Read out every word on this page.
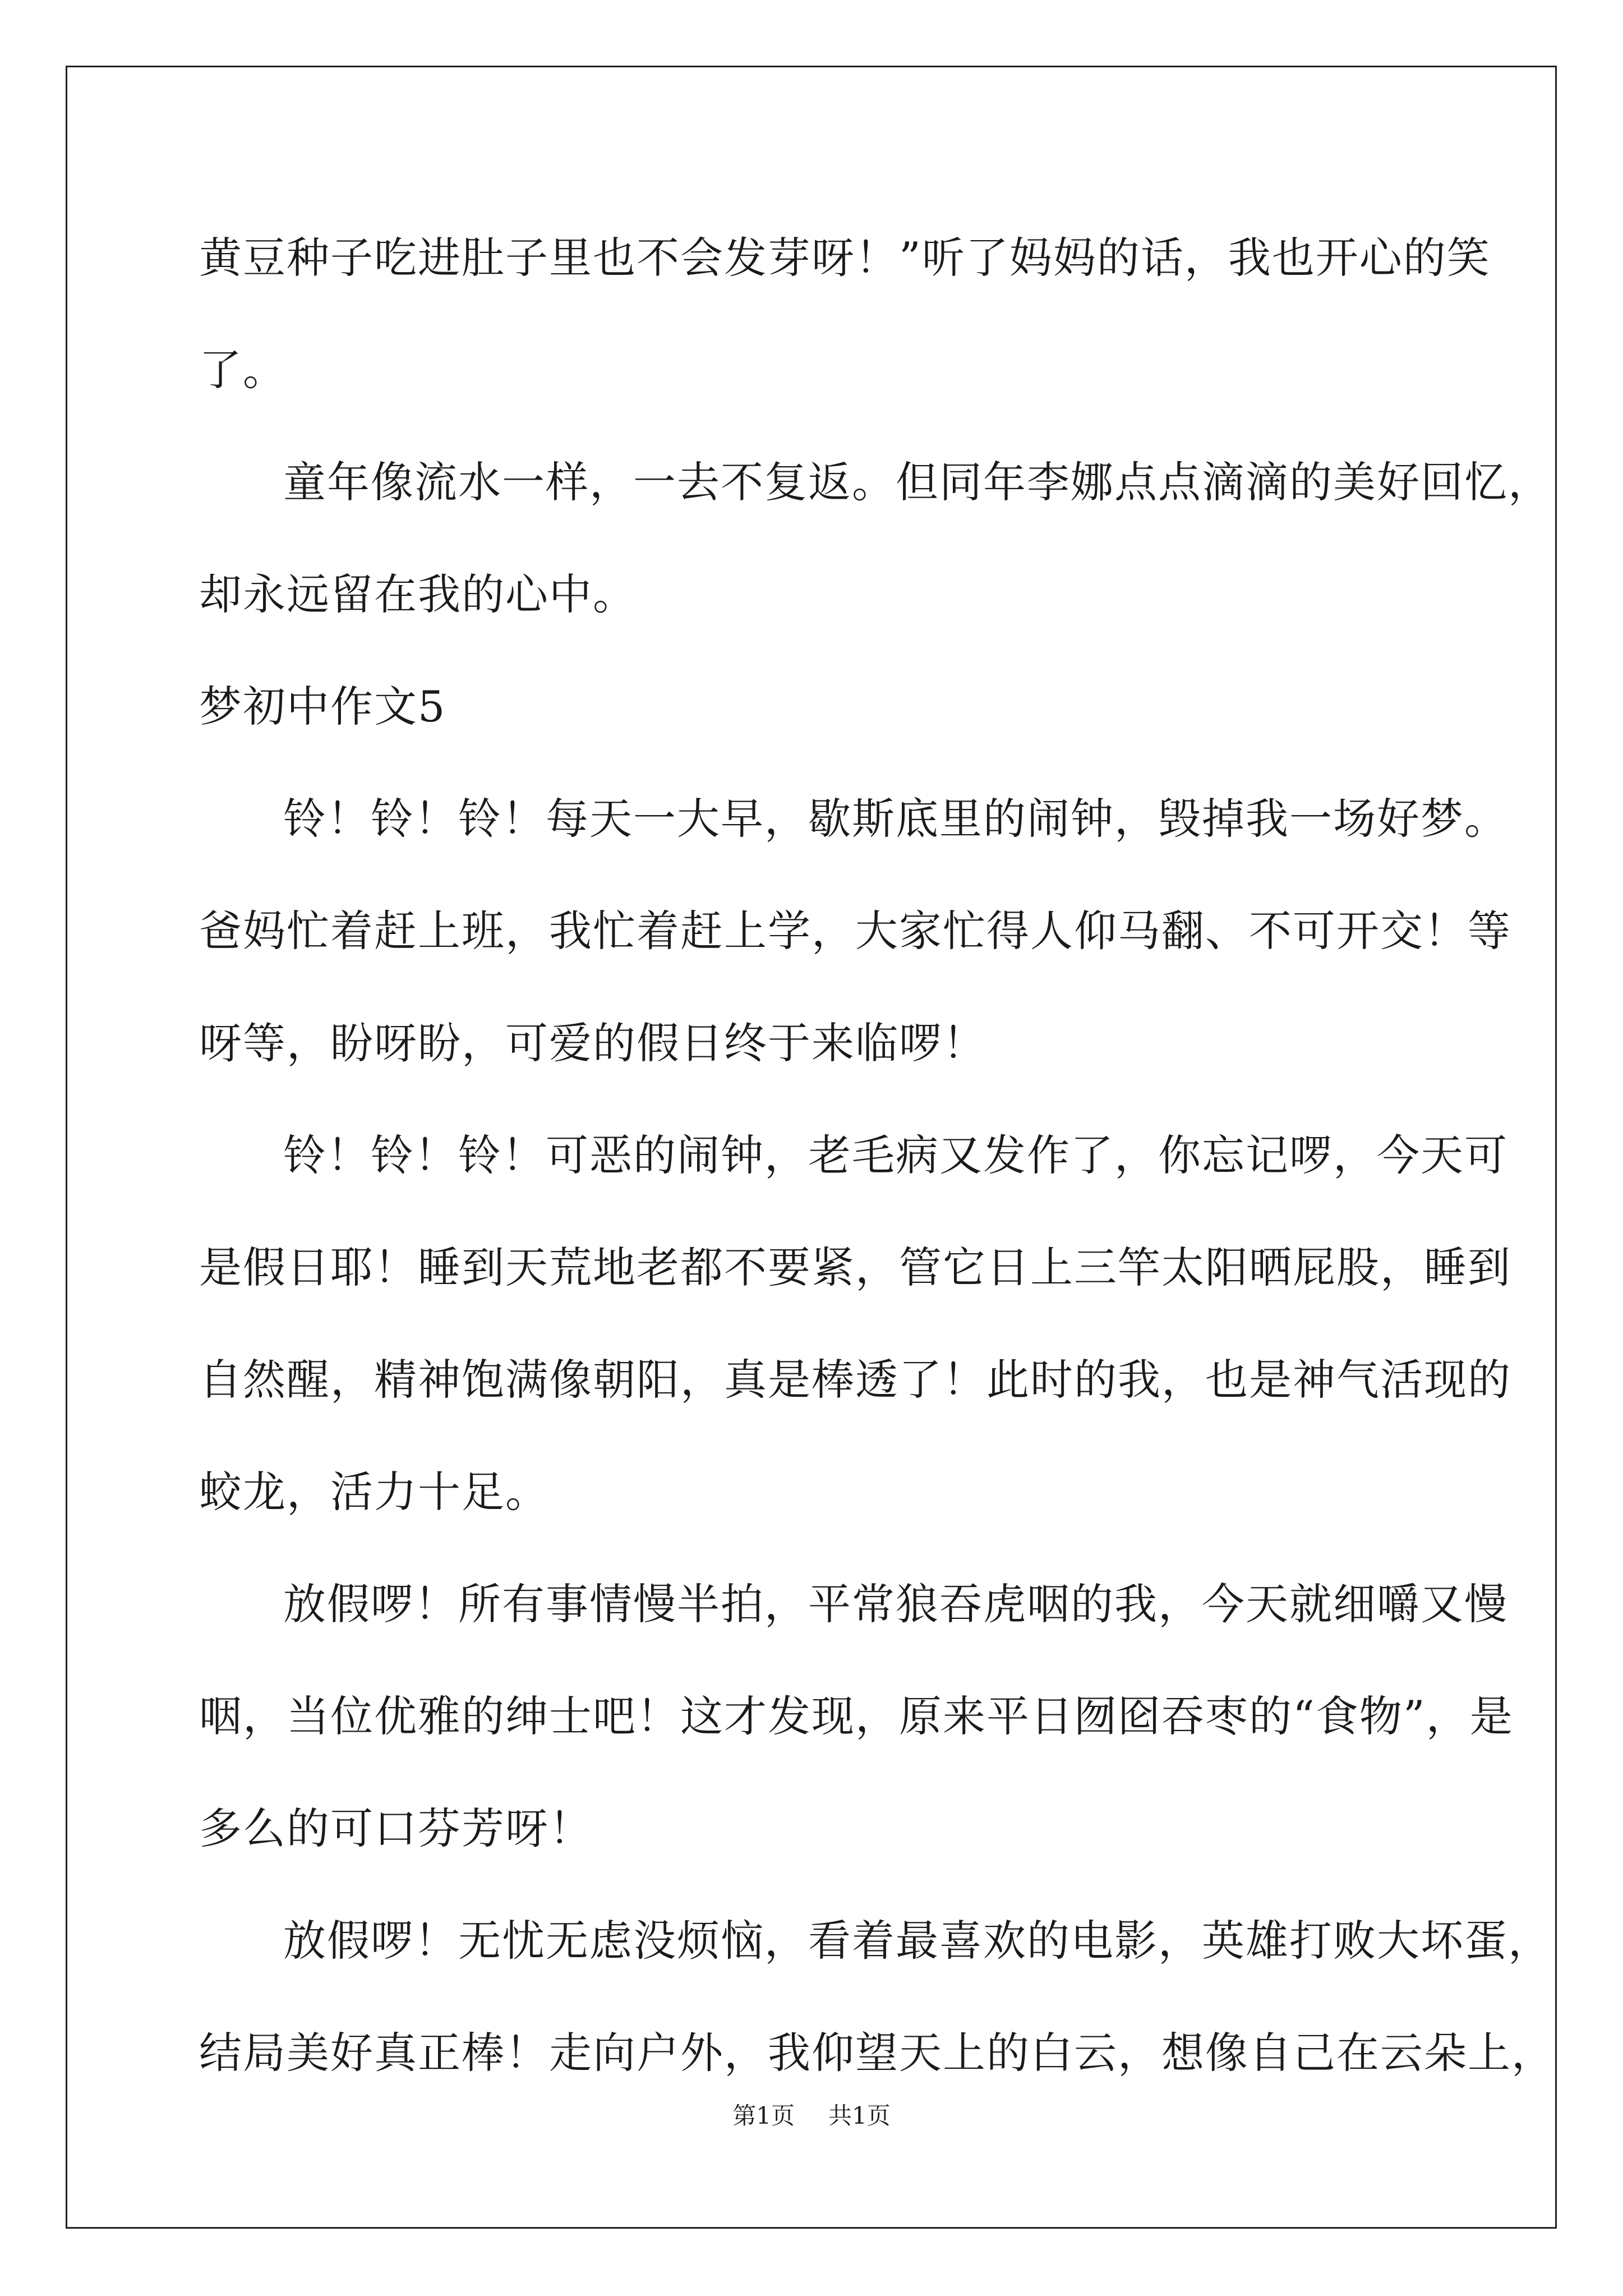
黄豆种子吃进肚子里也不会发芽呀！”听了妈妈的话，我也开心的笑
了。
童年像流水一样，一去不复返。但同年李娜点点滴滴的美好回忆，
却永远留在我的心中。
梦初中作文5
铃！铃！铃！每天一大早，歇斯底里的闹钟，毁掉我一场好梦。
爸妈忙着赶上班，我忙着赶上学，大家忙得人仰马翻、不可开交！等
呀等，盼呀盼，可爱的假日终于来临啰！
铃！铃！铃！可恶的闹钟，老毛病又发作了，你忘记啰，今天可
是假日耶！睡到天荒地老都不要紧，管它日上三竿太阳晒屁股，睡到
自然醒，精神饱满像朝阳，真是棒透了！此时的我，也是神气活现的
蛟龙，活力十足。
放假啰！所有事情慢半拍，平常狼吞虎咽的我，今天就细嚼又慢
咽，当位优雅的绅士吧！这才发现，原来平日囫囵吞枣的“食物”，是
多么的可口芬芳呀！
放假啰！无忧无虑没烦恼，看着最喜欢的电影，英雄打败大坏蛋，
结局美好真正棒！走向户外，我仰望天上的白云，想像自己在云朵上，
第1页 共1页
